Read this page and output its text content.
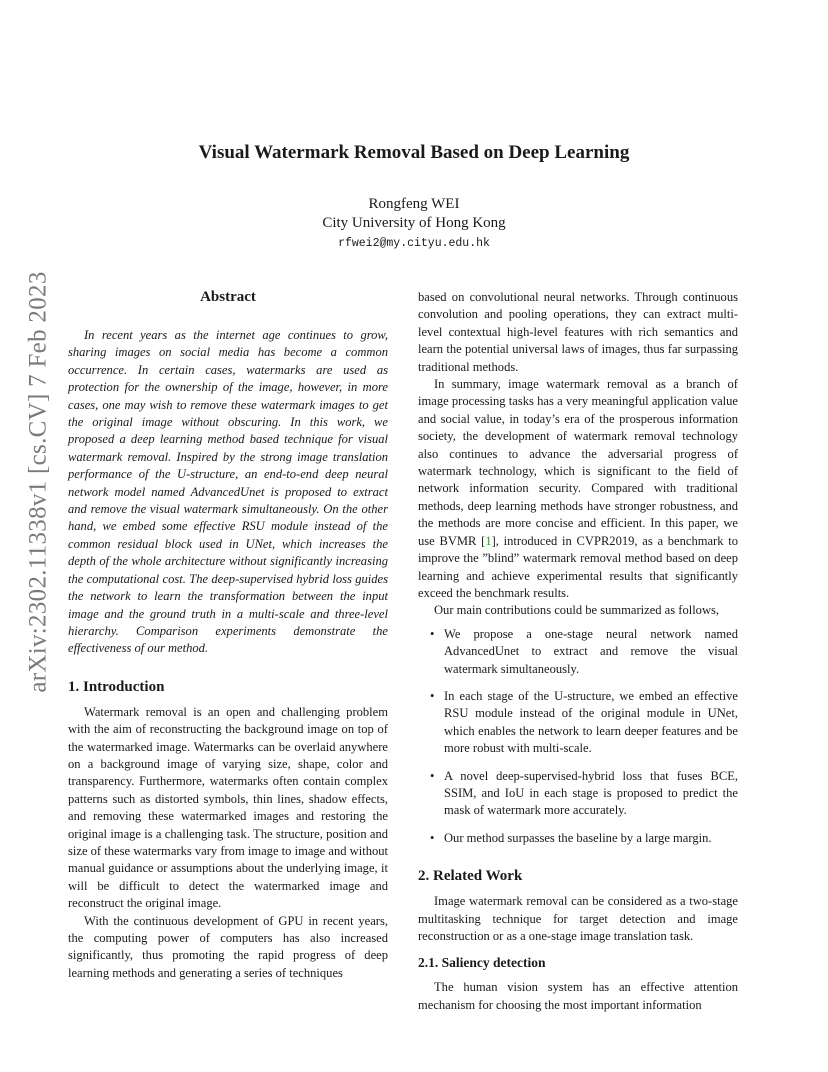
arXiv:2302.11338v1 [cs.CV] 7 Feb 2023
Visual Watermark Removal Based on Deep Learning
Rongfeng WEI
City University of Hong Kong
rfwei2@my.cityu.edu.hk
Abstract

In recent years as the internet age continues to grow, sharing images on social media has become a common occurrence. In certain cases, watermarks are used as protection for the ownership of the image, however, in more cases, one may wish to remove these watermark images to get the original image without obscuring. In this work, we proposed a deep learning method based technique for visual watermark removal. Inspired by the strong image translation performance of the U-structure, an end-to-end deep neural network model named AdvancedUnet is proposed to extract and remove the visual watermark simultaneously. On the other hand, we embed some effective RSU module instead of the common residual block used in UNet, which increases the depth of the whole architecture without significantly increasing the computational cost. The deep-supervised hybrid loss guides the network to learn the transformation between the input image and the ground truth in a multi-scale and three-level hierarchy. Comparison experiments demonstrate the effectiveness of our method.

1. Introduction

Watermark removal is an open and challenging problem with the aim of reconstructing the background image on top of the watermarked image. Watermarks can be overlaid anywhere on a background image of varying size, shape, color and transparency. Furthermore, watermarks often contain complex patterns such as distorted symbols, thin lines, shadow effects, and removing these watermarked images and restoring the original image is a challenging task. The structure, position and size of these watermarks vary from image to image and without manual guidance or assumptions about the underlying image, it will be difficult to detect the watermarked image and reconstruct the original image.

With the continuous development of GPU in recent years, the computing power of computers has also increased significantly, thus promoting the rapid progress of deep learning methods and generating a series of techniques

based on convolutional neural networks. Through continuous convolution and pooling operations, they can extract multi-level contextual high-level features with rich semantics and learn the potential universal laws of images, thus far surpassing traditional methods.

In summary, image watermark removal as a branch of image processing tasks has a very meaningful application value and social value, in today’s era of the prosperous information society, the development of watermark removal technology also continues to advance the adversarial progress of watermark technology, which is significant to the field of network information security. Compared with traditional methods, deep learning methods have stronger robustness, and the methods are more concise and efficient. In this paper, we use BVMR [1], introduced in CVPR2019, as a benchmark to improve the ”blind” watermark removal method based on deep learning and achieve experimental results that significantly exceed the benchmark results.

Our main contributions could be summarized as follows,

• We propose a one-stage neural network named AdvancedUnet to extract and remove the visual watermark simultaneously.

• In each stage of the U-structure, we embed an effective RSU module instead of the original module in UNet, which enables the network to learn deeper features and be more robust with multi-scale.

• A novel deep-supervised-hybrid loss that fuses BCE, SSIM, and IoU in each stage is proposed to predict the mask of watermark more accurately.

• Our method surpasses the baseline by a large margin.

2. Related Work

Image watermark removal can be considered as a two-stage multitasking technique for target detection and image reconstruction or as a one-stage image translation task.

2.1. Saliency detection

The human vision system has an effective attention mechanism for choosing the most important information
